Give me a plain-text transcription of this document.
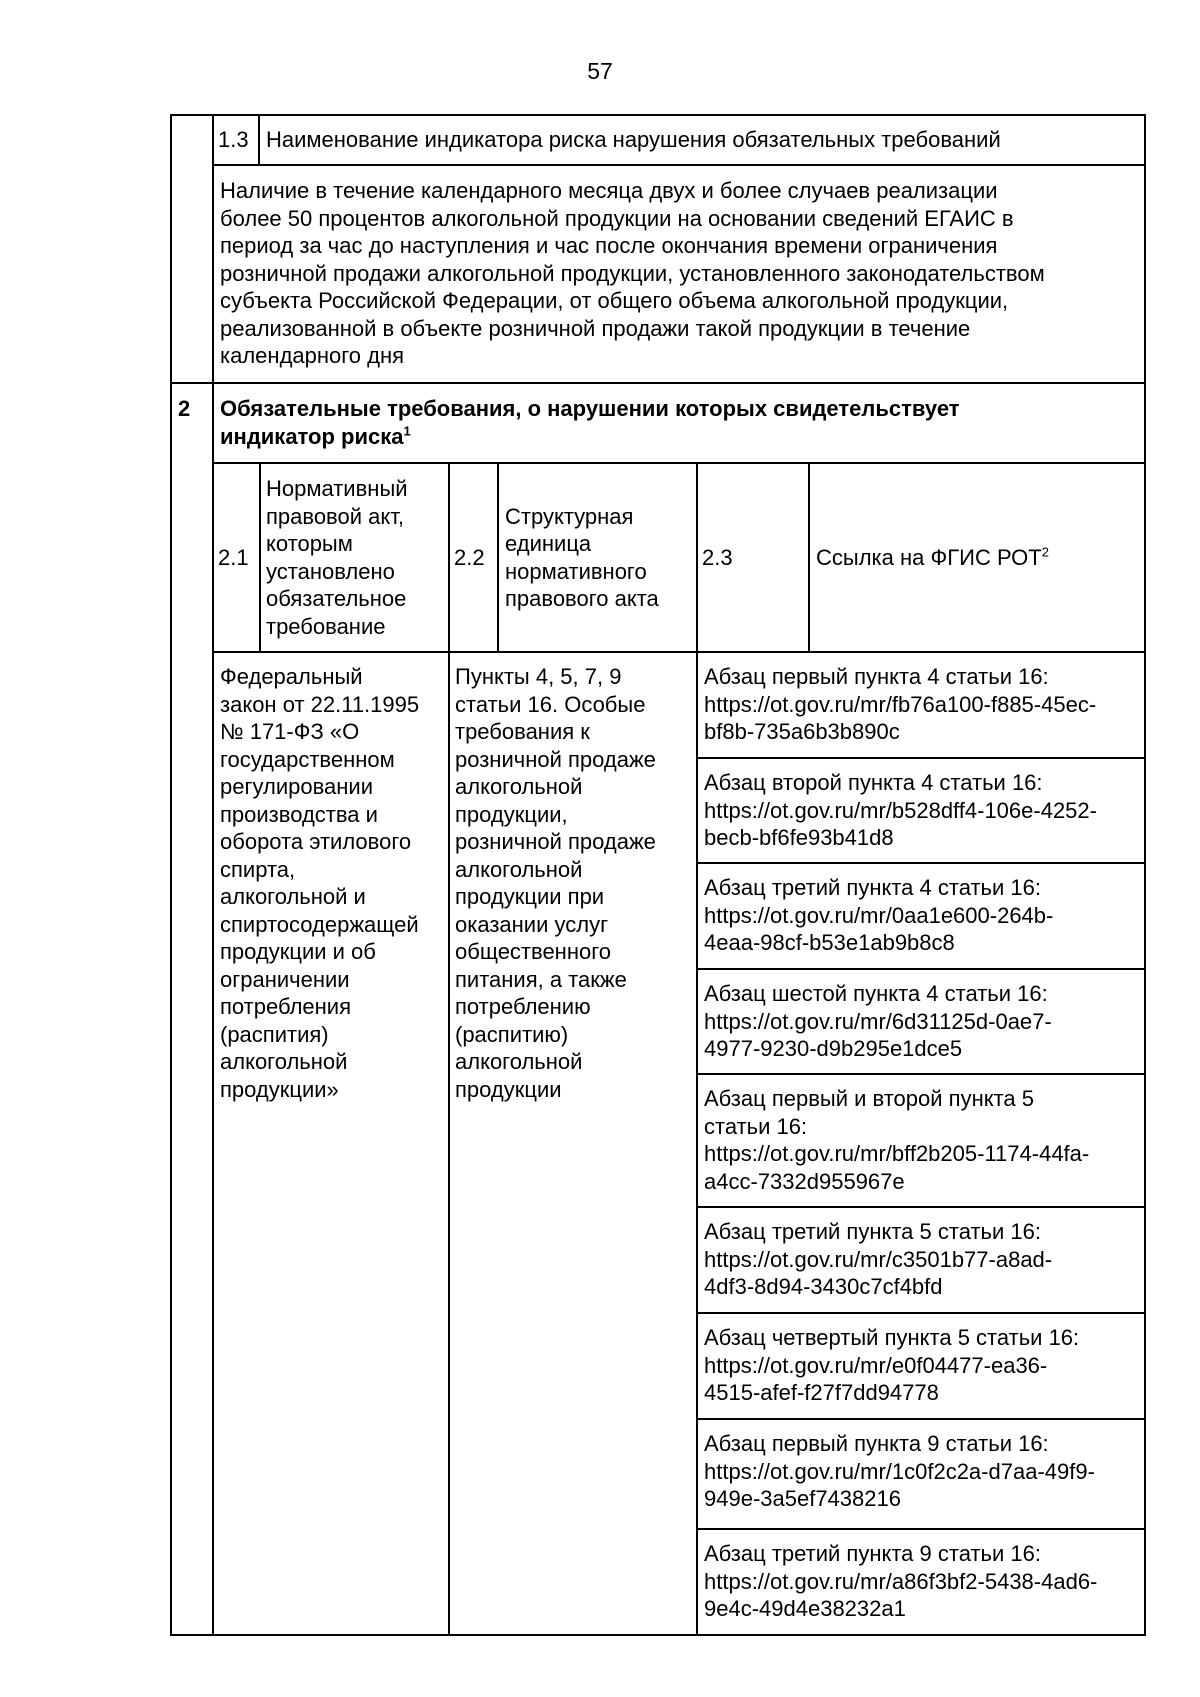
57
1.3 Наименование индикатора риска нарушения обязательных требований
Наличие в течение календарного месяца двух и более случаев реализации
более 50 процентов алкогольной продукции на основании сведений ЕГАИС в
период за час до наступления и час после окончания времени ограничения
розничной продажи алкогольной продукции, установленного законодательством
субъекта Российской Федерации, от общего объема алкогольной продукции,
реализованной в объекте розничной продажи такой продукции в течение
календарного дня
2	Обязательные требования, о нарушении которых свидетельствует
индикатор риска$^1$
2.1
Нормативный
правовой акт,
которым
установлено
обязательное
требование
2.2
Структурная
единица
нормативного
правового акта
2.3	Ссылка на ФГИС РОТ$^2$
Федеральный
закон от 22.11.1995
№ 171-ФЗ «О
государственном
регулировании
производства и
оборота этилового
спирта,
алкогольной и
спиртосодержащей
продукции и об
ограничении
потребления
(распития)
алкогольной
продукции»
Пункты 4, 5, 7, 9
статьи 16. Особые
требования к
розничной продаже
алкогольной
продукции,
розничной продаже
алкогольной
продукции при
оказании услуг
общественного
питания, а также
потреблению
(распитию)
алкогольной
продукции
Абзац первый пункта 4 статьи 16:
https://ot.gov.ru/mr/fb76a100-f885-45ec-
bf8b-735a6b3b890c
Абзац второй пункта 4 статьи 16:
https://ot.gov.ru/mr/b528dff4-106e-4252-
becb-bf6fe93b41d8
Абзац третий пункта 4 статьи 16:
https://ot.gov.ru/mr/0aa1e600-264b-
4eaa-98cf-b53e1ab9b8c8
Абзац шестой пункта 4 статьи 16:
https://ot.gov.ru/mr/6d31125d-0ae7-
4977-9230-d9b295e1dce5
Абзац первый и второй пункта 5
статьи 16:
https://ot.gov.ru/mr/bff2b205-1174-44fa-
a4cc-7332d955967e
Абзац третий пункта 5 статьи 16:
https://ot.gov.ru/mr/c3501b77-a8ad-
4df3-8d94-3430c7cf4bfd
Абзац четвертый пункта 5 статьи 16:
https://ot.gov.ru/mr/e0f04477-ea36-
4515-afef-f27f7dd94778
Абзац первый пункта 9 статьи 16:
https://ot.gov.ru/mr/1c0f2c2a-d7aa-49f9-
949e-3a5ef7438216
Абзац третий пункта 9 статьи 16:
https://ot.gov.ru/mr/a86f3bf2-5438-4ad6-
9e4c-49d4e38232a1
